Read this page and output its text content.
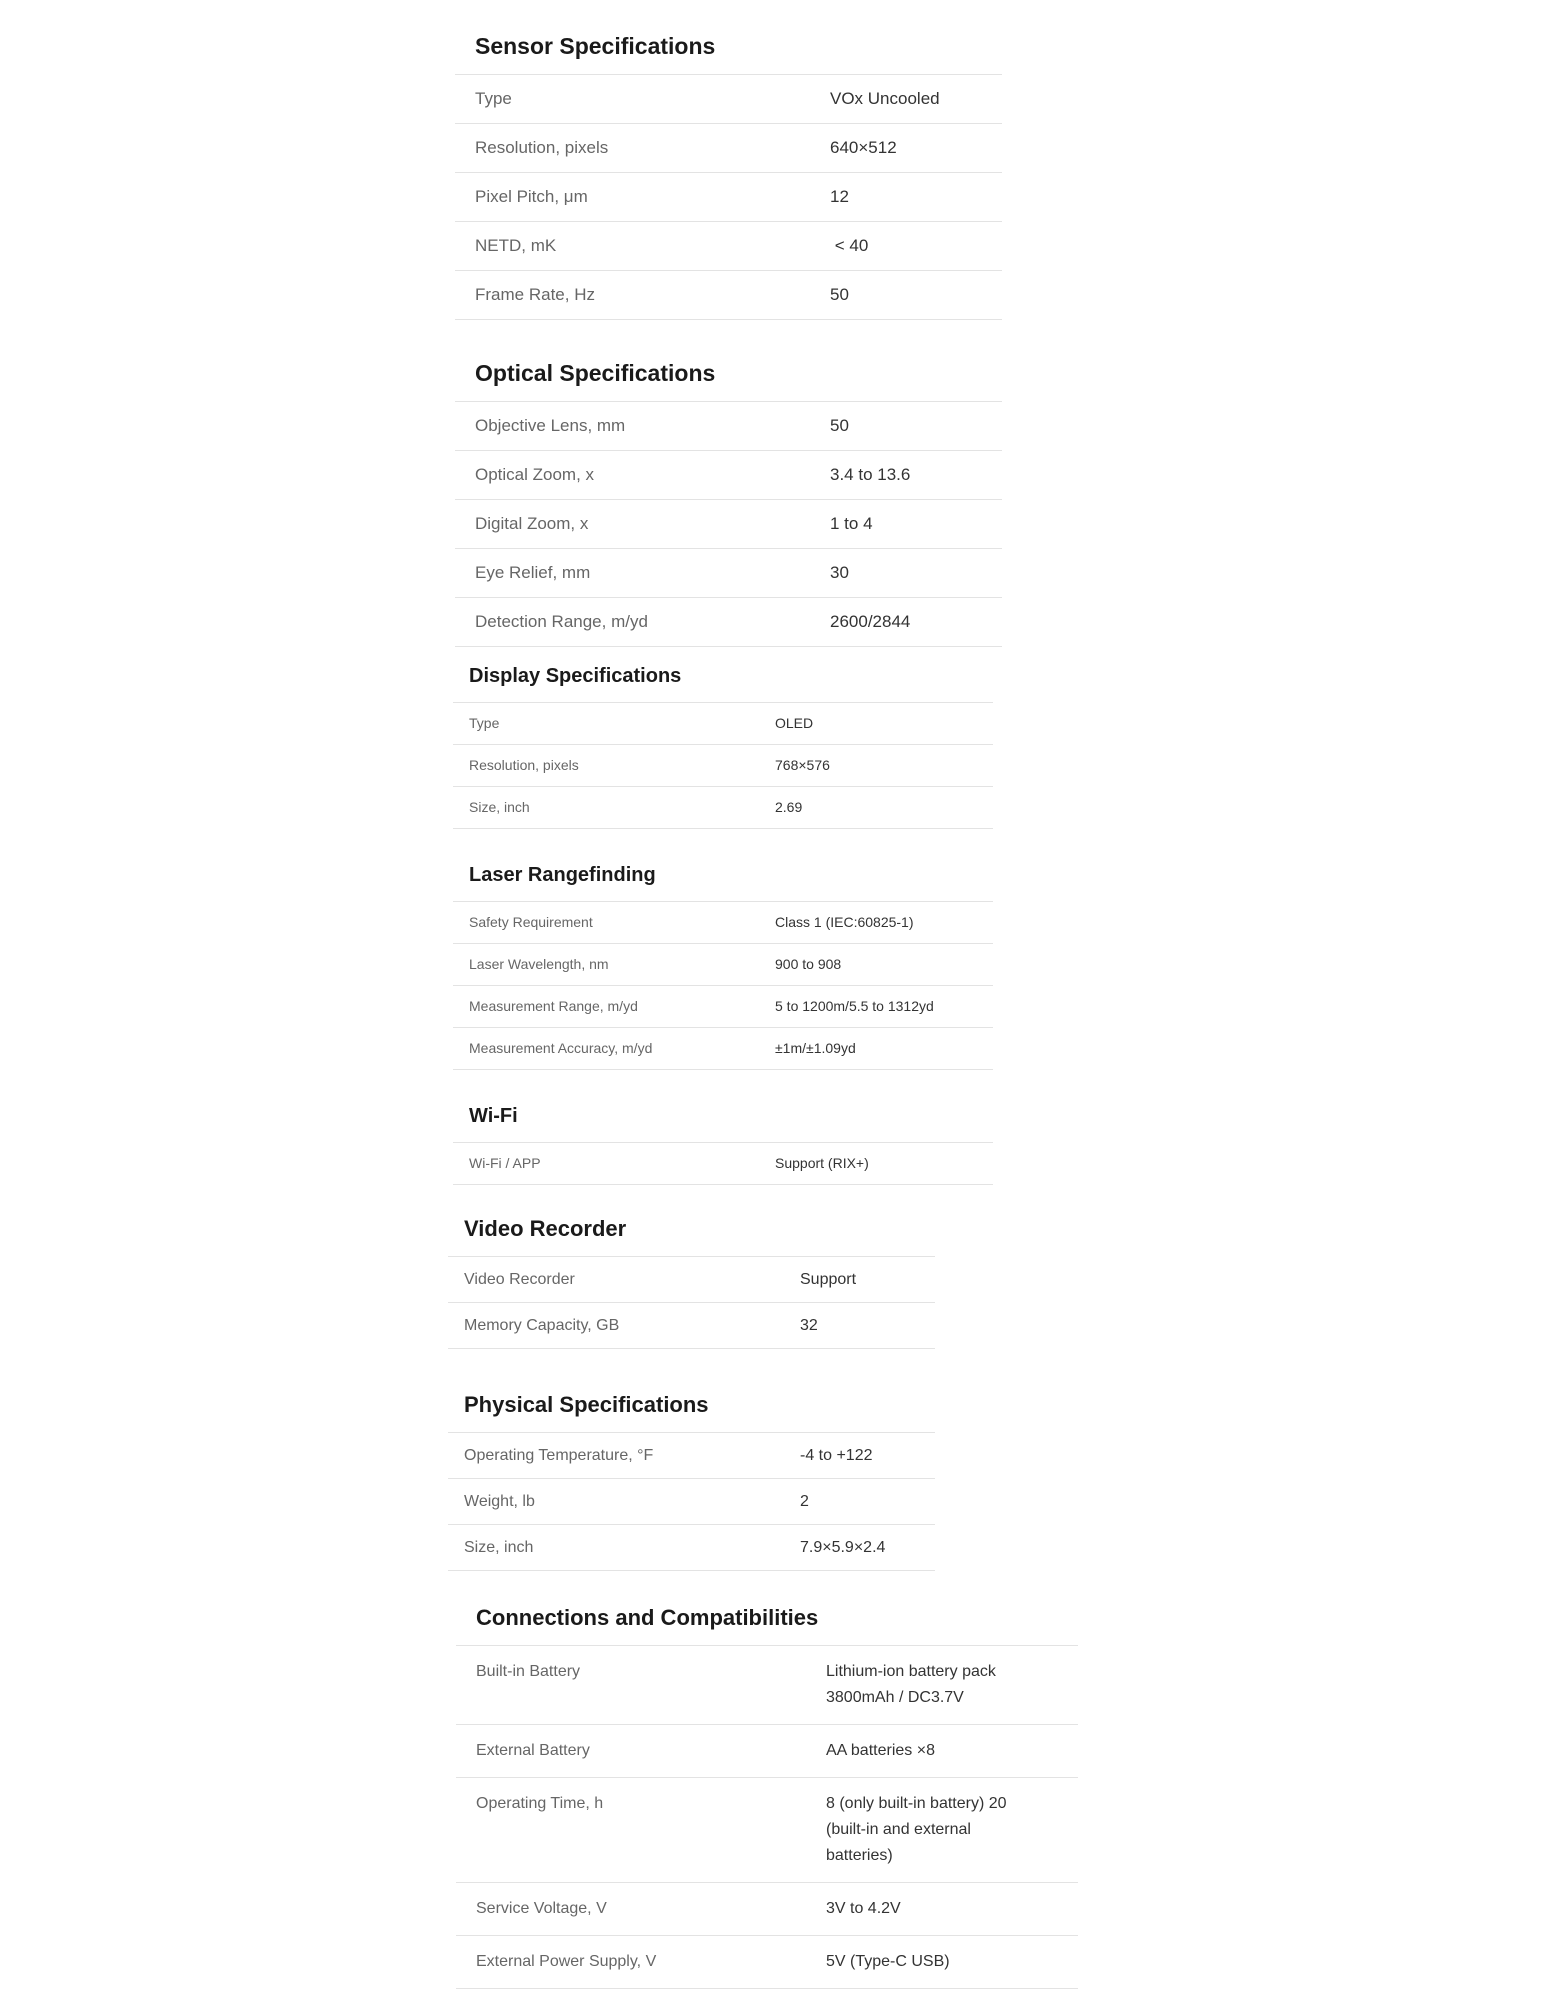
Sensor Specifications
Type	VOx Uncooled
Resolution, pixels	640×512
Pixel Pitch, μm	12
NETD, mK	< 40
Frame Rate, Hz	50
Optical Specifications
Objective Lens, mm	50
Optical Zoom, x	3.4 to 13.6
Digital Zoom, x	1 to 4
Eye Relief, mm	30
Detection Range, m/yd	2600/2844
Display Specifications
Type	OLED
Resolution, pixels	768×576
Size, inch	2.69
Laser Rangefinding
Safety Requirement	Class 1 (IEC:60825-1)
Laser Wavelength, nm	900 to 908
Measurement Range, m/yd	5 to 1200m/5.5 to 1312yd
Measurement Accuracy, m/yd	±1m/±1.09yd
Wi-Fi
Wi-Fi / APP	Support (RIX+)
Video Recorder
Video Recorder	Support
Memory Capacity, GB	32
Physical Specifications
Operating Temperature, °F	-4 to +122
Weight, lb	2
Size, inch	7.9×5.9×2.4
Connections and Compatibilities
Built-in Battery	Lithium-ion battery pack 3800mAh / DC3.7V
External Battery	AA batteries ×8
Operating Time, h	8 (only built-in battery) 20 (built-in and external batteries)
Service Voltage, V	3V to 4.2V
External Power Supply, V	5V (Type-C USB)
